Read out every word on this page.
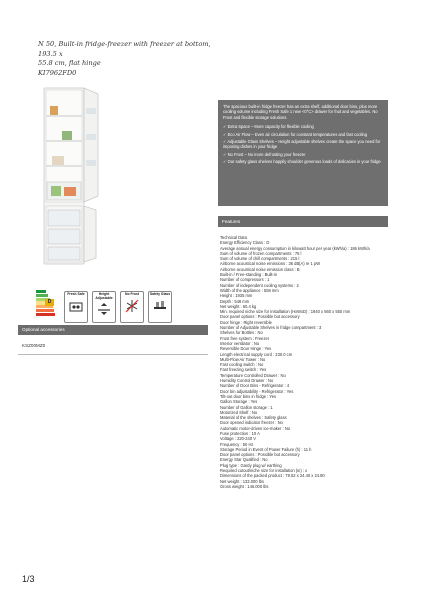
N 50, Built-in fridge-freezer with freezer at bottom, 193.5 x
55.8 cm, flat hinge
KI7962FD0
D
Fresh Safe	Height Adjustable
No Frost	Safety Glass
Optional accessories
KSZ00MZ0
The spacious built-in fridge freezer has an extra shelf, additional door bins, plus more cooling volume including Fresh Safe 1 new <0°C> drawer for fruit and vegetables. No Frost and flexible storage solutions.
✓ Extra Space – More capacity for flexible cooling
✓ Eco Air Flow – Even air circulation for constant temperatures and fast cooling
✓ Adjustable Glass Shelves – Height adjustable shelves create the space you need for imposing dishes in your fridge
✓ No Frost – No more defrosting your freezer
✓ Our safety glass shelves happily shoulder generous loads of delicacies in your fridge
Features
Technical Data
Energy Efficiency Class : D
Average annual energy consumption in kilowatt hour per year (kWh/a) : 186 kWh/a
Sum of volume of frozen compartments : 75 l
Sum of volume of chill compartments : 215 l
Airborne acoustical noise emissions : 36 dB(A) re 1 pW
Airborne acoustical noise emission class : B
Built-in / Free-standing : Built-in
Number of compressors : 1
Number of independent cooling systems : 2
Width of the appliance : 558 mm
Height : 1935 mm
Depth : 548 mm
Net weight : 60.4 kg
Min. required niche size for installation (HxWxD) : 1940 x 560 x 550 mm
Door panel options : Possible but accessory
Door hinge : Right reversible
Number of Adjustable Shelves in fridge compartment : 3
Shelves for Bottles : No
Frost free system : Freezer
Interior ventilator : No
Reversible Door Hinge : Yes
Length electrical supply cord : 230.0 cm
Multi-Flow Air Tower : No
Fast cooling switch : No
Fast freezing switch : Yes
Temperature Controlled Drawer : No
Humidity Control Drawer : No
Number of Door Bins - Refrigerator : 4
Door bin adjustability - Refrigerator : Yes
Tilt-out door bins in fridge : Yes
Gallon Storage : Yes
Number of Gallon storage : 1
Motorized Shelf : No
Material of the shelves : Safety glass
Door opened indicator freezer : No
Automatic motor-driven ice-maker : No
Fuse protection : 10 A
Voltage : 220-240 V
Frequency : 50 Hz
Storage Period in Event of Power Failure (h) : 11 h
Door panel options : Possible but accessory
Energy Star Qualified : No
Plug type : Gardy plug w/ earthing
Required cutout/niche size for installation (in) : x
Dimensions of the packed product : 79.52 x 24.40 x 24.80
Net weight : 133.000 lbs
Gross weight : 146.000 lbs
1/3
